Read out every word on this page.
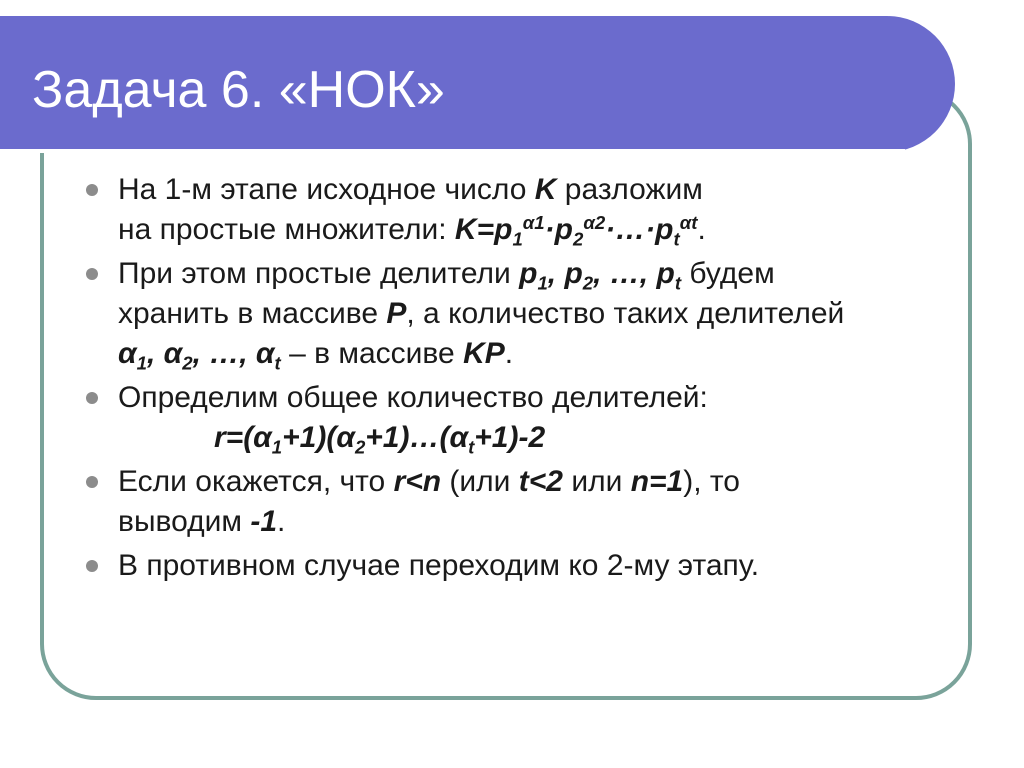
Задача 6. «НОК»
На 1-м этапе исходное число K разложим
на простые множители: $K=p_1^{\alpha 1}\cdot p_2^{\alpha 2}\cdot\dots\cdot p_t^{\alpha t}$.
При этом простые делители $p_1$, $p_2$, …, $p_t$ будем
хранить в массиве P, а количество таких делителей
$\alpha_1$, $\alpha_2$, …, $\alpha_t$ – в массиве KP.
Определим общее количество делителей:
$r=(\alpha_1+1)(\alpha_2+1)\dots(\alpha_t+1)-2$
Если окажется, что r<n (или t<2 или n=1), то
выводим -1.
В противном случае переходим ко 2-му этапу.
